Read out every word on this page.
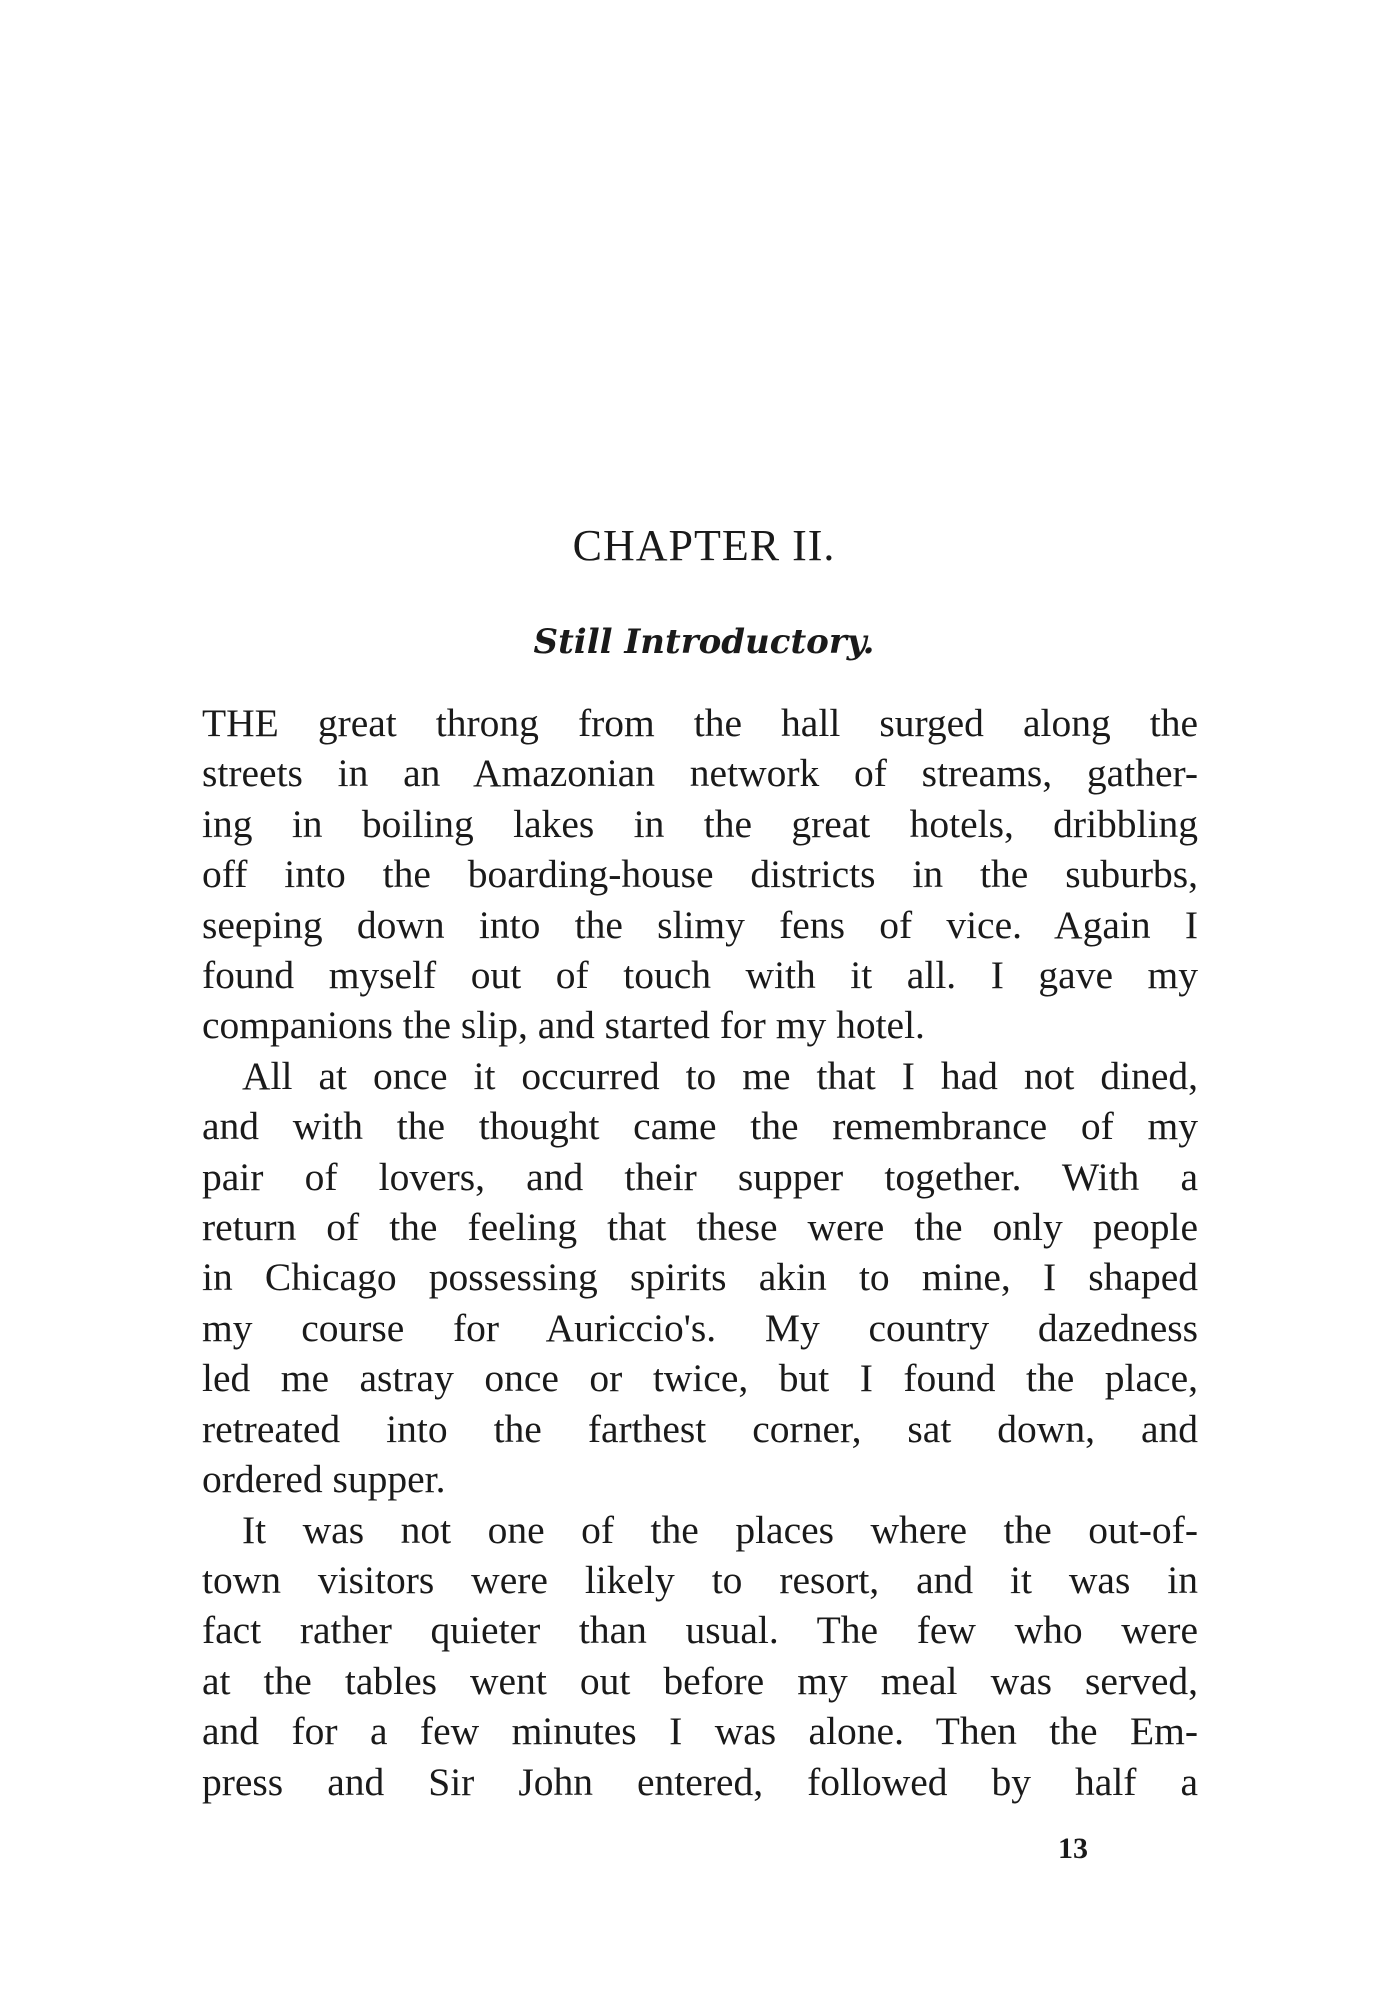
CHAPTER II.
Still Introductory.

THE great throng from the hall surged along the
streets in an Amazonian network of streams, gather-
ing in boiling lakes in the great hotels, dribbling
off into the boarding-house districts in the suburbs,
seeping down into the slimy fens of vice. Again I
found myself out of touch with it all. I gave my
companions the slip, and started for my hotel.

All at once it occurred to me that I had not dined,
and with the thought came the remembrance of my
pair of lovers, and their supper together. With a
return of the feeling that these were the only people
in Chicago possessing spirits akin to mine, I shaped
my course for Auriccio's. My country dazedness
led me astray once or twice, but I found the place,
retreated into the farthest corner, sat down, and
ordered supper.

It was not one of the places where the out-of-
town visitors were likely to resort, and it was in
fact rather quieter than usual. The few who were
at the tables went out before my meal was served,
and for a few minutes I was alone. Then the Em-
press and Sir John entered, followed by half a

13
